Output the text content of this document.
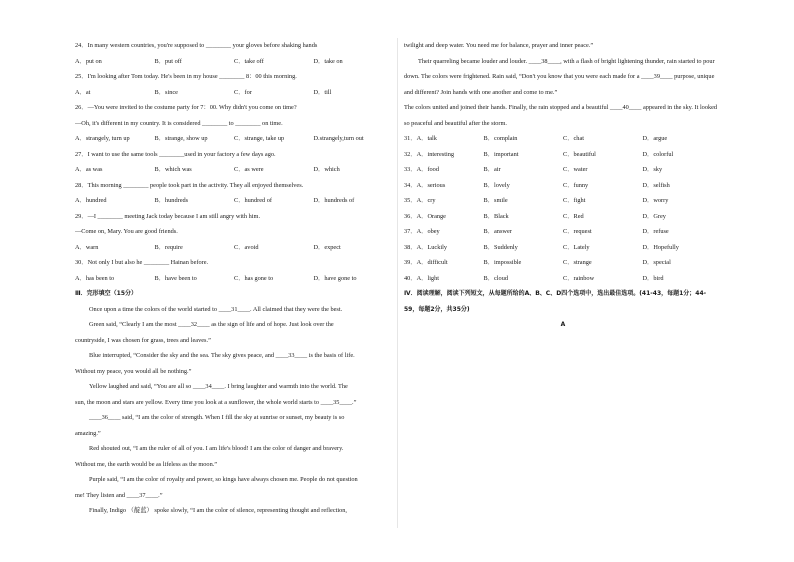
24．In many western countries, you're supposed to ________ your gloves before shaking hands
A．put on	B．put off	C．take off	D．take on
25．I'm looking after Tom today. He's been in my house ________ 8：00 this morning.
A．at	B．since	C．for	D．till
26．—You were invited to the costume party for 7：00. Why didn't you come on time?
—Oh, it's different in my country. It is considered ________ to ________ on time.
A．strangely, turn up	B．strange, show up	C．strange, take up	D.strangely,turn out
27．I want to use the same tools ________used in your factory a few days ago.
A．as was	B．which was	C．as were	D．which
28．This morning ________ people took part in the activity. They all enjoyed themselves.
A．hundred	B．hundreds	C．hundred of	D．hundreds of
29．—I ________ meeting Jack today because I am still angry with him.
—Come on, Mary. You are good friends.
A．warn	B．require	C．avoid	D．expect
30．Not only I but also he ________ Hainan before.
A．has been to	B．have been to	C．has gone to	D．have gone to
Ⅲ．完形填空（15分）
Once upon a time the colors of the world started to ____31____. All claimed that they were the best.
Green said, “Clearly I am the most ____32____ as the sign of life and of hope. Just look over the
countryside, I was chosen for grass, trees and leaves.”
Blue interrupted, “Consider the sky and the sea. The sky gives peace, and ____33____ is the basis of life.
Without my peace, you would all be nothing.”
Yellow laughed and said, “You are all so ____34____. I bring laughter and warmth into the world. The
sun, the moon and stars are yellow. Every time you look at a sunflower, the whole world starts to ____35____.”
____36____ said, “I am the color of strength. When I fill the sky at sunrise or sunset, my beauty is so
amazing.”
Red shouted out, “I am the ruler of all of you. I am life's blood! I am the color of danger and bravery.
Without me, the earth would be as lifeless as the moon.”
Purple said, “I am the color of royalty and power, so kings have always chosen me. People do not question
me! They listen and ____37____.”
Finally, Indigo （靛蓝） spoke slowly, “I am the color of silence, representing thought and reflection,
twilight and deep water. You need me for balance, prayer and inner peace.”
Their quarreling became louder and louder. ____38____, with a flash of bright lightening thunder, rain started to pour
down. The colors were frightened. Rain said, “Don't you know that you were each made for a ____39____ purpose, unique
and different? Join hands with one another and come to me.”
The colors united and joined their hands. Finally, the rain stopped and a beautiful ____40____ appeared in the sky. It looked
so peaceful and beautiful after the storm.
31．A．talk	B．complain	C．chat	D．argue
32．A．interesting	B．important	C．beautiful	D．colorful
33．A．food	B．air	C．water	D．sky
34．A．serious	B．lovely	C．funny	D．selfish
35．A．cry	B．smile	C．fight	D．worry
36．A．Orange	B．Black	C．Red	D．Grey
37．A．obey	B．answer	C．request	D．refuse
38．A．Luckily	B．Suddenly	C．Lately	D．Hopefully
39．A．difficult	B．impossible	C．strange	D．special
40．A．light	B．cloud	C．rainbow	D．bird
Ⅳ．阅读理解，阅读下列短文，从每题所给的A、B、C、D四个选项中，选出最佳选项。(41-43，每题1分；44-
59，每题2分，共35分)
A
